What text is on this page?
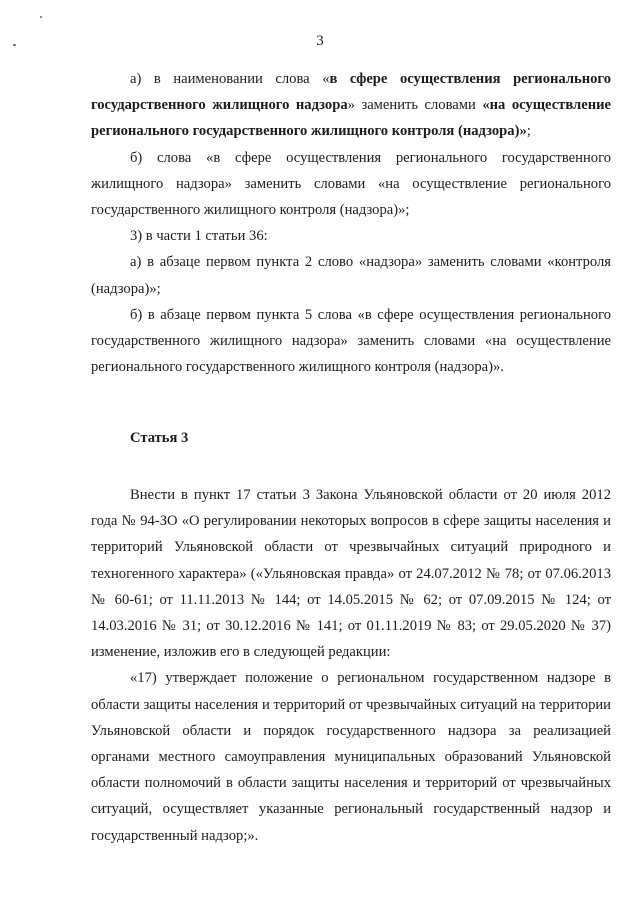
3

а) в наименовании слова «в сфере осуществления регионального государственного жилищного надзора» заменить словами «на осуществление регионального государственного жилищного контроля (надзора)»;

б) слова «в сфере осуществления регионального государственного жилищного надзора» заменить словами «на осуществление регионального государственного жилищного контроля (надзора)»;

3) в части 1 статьи 36:

а) в абзаце первом пункта 2 слово «надзора» заменить словами «контроля (надзора)»;

б) в абзаце первом пункта 5 слова «в сфере осуществления регионального государственного жилищного надзора» заменить словами «на осуществление регионального государственного жилищного контроля (надзора)».

Статья 3

Внести в пункт 17 статьи 3 Закона Ульяновской области от 20 июля 2012 года № 94-ЗО «О регулировании некоторых вопросов в сфере защиты населения и территорий Ульяновской области от чрезвычайных ситуаций природного и техногенного характера» («Ульяновская правда» от 24.07.2012 № 78; от 07.06.2013 № 60-61; от 11.11.2013 № 144; от 14.05.2015 № 62; от 07.09.2015 № 124; от 14.03.2016 № 31; от 30.12.2016 № 141; от 01.11.2019 № 83; от 29.05.2020 № 37) изменение, изложив его в следующей редакции:

«17) утверждает положение о региональном государственном надзоре в области защиты населения и территорий от чрезвычайных ситуаций на территории Ульяновской области и порядок государственного надзора за реализацией органами местного самоуправления муниципальных образований Ульяновской области полномочий в области защиты населения и территорий от чрезвычайных ситуаций, осуществляет указанные региональный государственный надзор и государственный надзор;».
